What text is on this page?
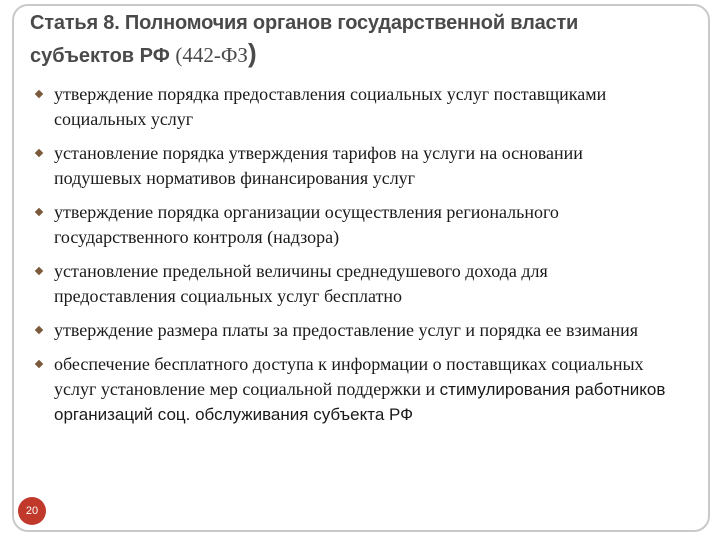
Статья 8. Полномочия органов государственной власти
субъектов РФ (442-ФЗ)
утверждение порядка предоставления социальных услуг поставщиками социальных услуг
установление порядка утверждения тарифов на услуги на основании подушевых нормативов финансирования услуг
утверждение порядка организации осуществления регионального государственного контроля (надзора)
установление предельной величины среднедушевого дохода для предоставления социальных услуг бесплатно
утверждение размера платы за предоставление услуг и порядка ее взимания
обеспечение бесплатного доступа к информации о поставщиках социальных услуг установление мер социальной поддержки и стимулирования работников организаций соц. обслуживания субъекта РФ
20
